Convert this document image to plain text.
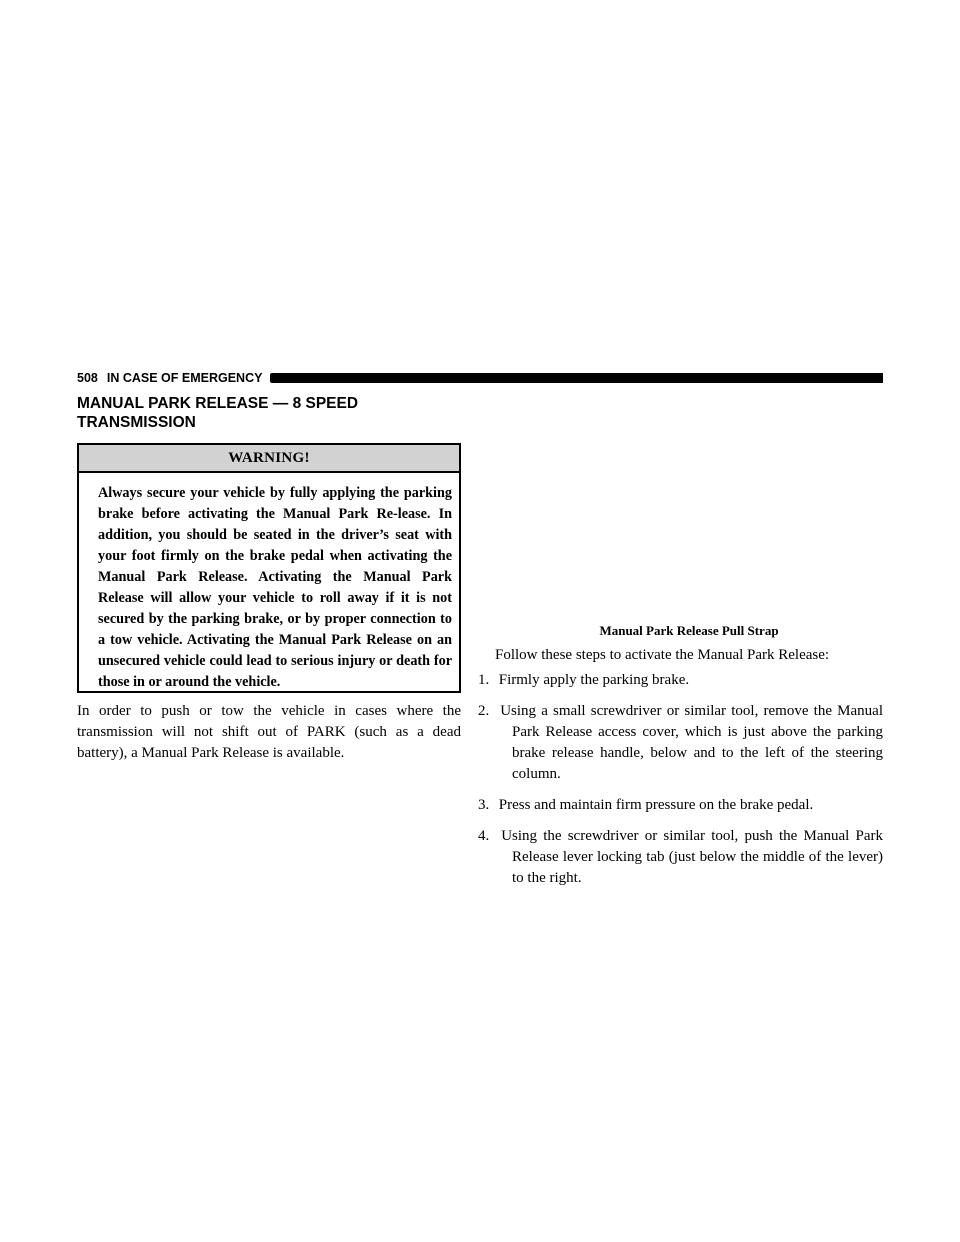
508 IN CASE OF EMERGENCY
MANUAL PARK RELEASE — 8 SPEED
TRANSMISSION
WARNING!
Always secure your vehicle by fully applying the parking brake before activating the Manual Park Re-lease. In addition, you should be seated in the driver’s seat with your foot firmly on the brake pedal when activating the Manual Park Release. Activating the Manual Park Release will allow your vehicle to roll away if it is not secured by the parking brake, or by proper connection to a tow vehicle. Activating the Manual Park Release on an unsecured vehicle could lead to serious injury or death for those in or around the vehicle.

In order to push or tow the vehicle in cases where the transmission will not shift out of PARK (such as a dead battery), a Manual Park Release is available.

Manual Park Release Pull Strap

Follow these steps to activate the Manual Park Release:

1. Firmly apply the parking brake.
2. Using a small screwdriver or similar tool, remove the Manual Park Release access cover, which is just above the parking brake release handle, below and to the left of the steering column.
3. Press and maintain firm pressure on the brake pedal.
4. Using the screwdriver or similar tool, push the Manual Park Release lever locking tab (just below the middle of the lever) to the right.
